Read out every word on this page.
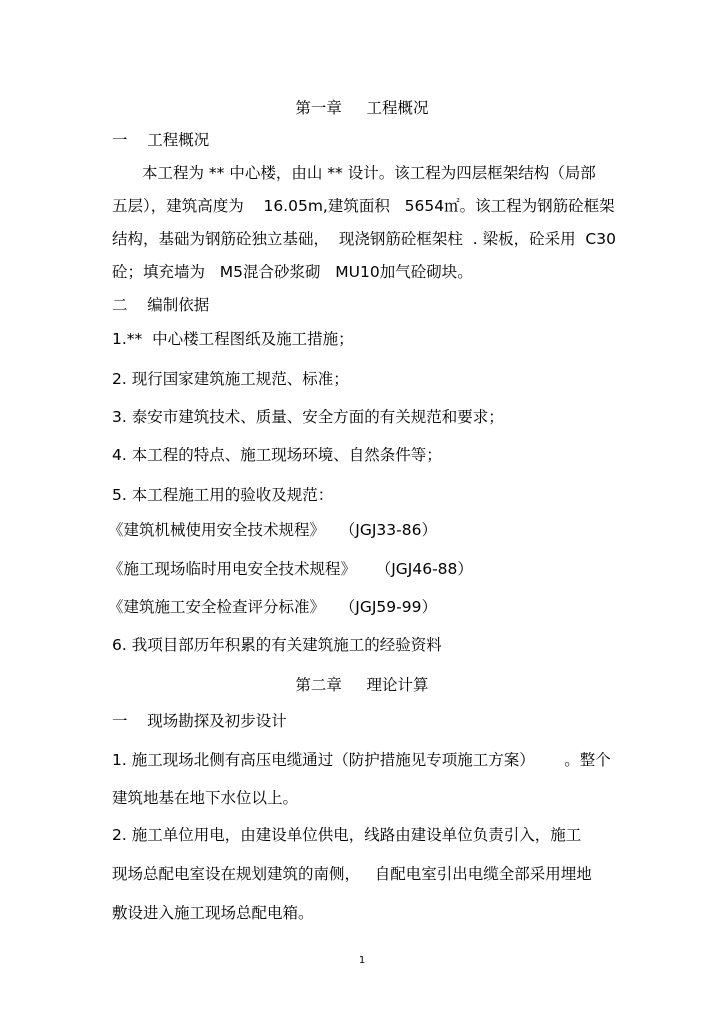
第一章     工程概况
一    工程概况
本工程为 ** 中心楼，由山 ** 设计。该工程为四层框架结构（局部
五层），建筑高度为    16.05m,建筑面积   5654㎡。该工程为钢筋砼框架
结构，基础为钢筋砼独立基础，  现浇钢筋砼框架柱  . 梁板，砼采用  C30
砼；填充墙为   M5混合砂浆砌   MU10加气砼砌块。
二    编制依据
1.**  中心楼工程图纸及施工措施；
2. 现行国家建筑施工规范、标准；
3. 泰安市建筑技术、质量、安全方面的有关规范和要求；
4. 本工程的特点、施工现场环境、自然条件等；
5. 本工程施工用的验收及规范：
《建筑机械使用安全技术规程》   （JGJ33-86）
《施工现场临时用电安全技术规程》    （JGJ46-88）
《建筑施工安全检查评分标准》   （JGJ59-99）
6. 我项目部历年积累的有关建筑施工的经验资料
第二章     理论计算
一    现场勘探及初步设计
1. 施工现场北侧有高压电缆通过（防护措施见专项施工方案）      。整个
建筑地基在地下水位以上。
2. 施工单位用电，由建设单位供电，线路由建设单位负责引入，施工
现场总配电室设在规划建筑的南侧，   自配电室引出电缆全部采用埋地
敷设进入施工现场总配电箱。
1
